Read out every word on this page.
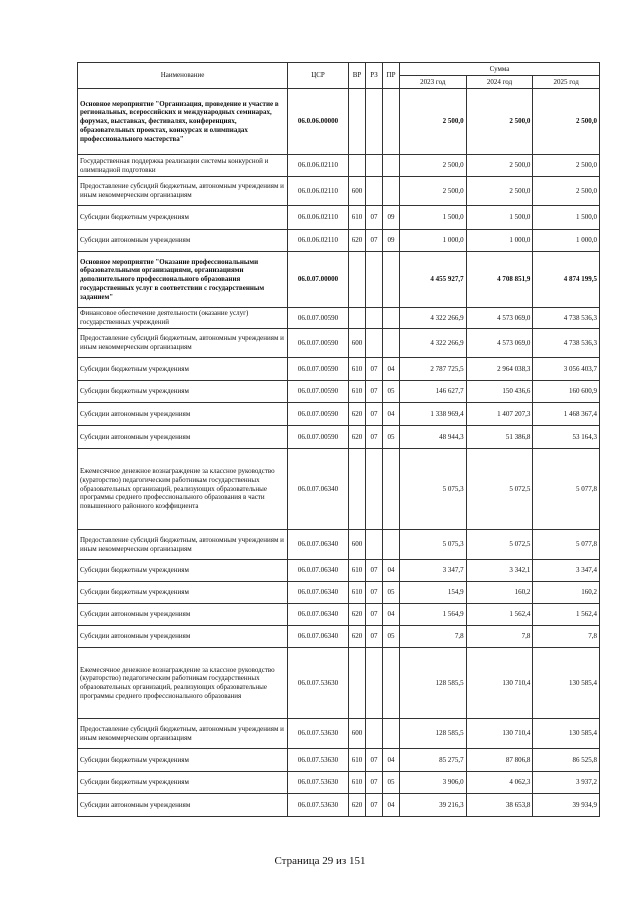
Наименование	ЦСР	ВР	РЗ	ПР	Сумма		
					2023 год	2024 год	2025 год
Основное мероприятие "Организация, проведение и участие в региональных, всероссийских и международных семинарах, форумах, выставках, фестивалях, конференциях, образовательных проектах, конкурсах и олимпиадах профессионального мастерства"	06.0.06.00000				2 500,0	2 500,0	2 500,0
Государственная поддержка реализации системы конкурсной и олимпиадной подготовки	06.0.06.02110				2 500,0	2 500,0	2 500,0
Предоставление субсидий бюджетным, автономным учреждениям и иным некоммерческим организациям	06.0.06.02110	600			2 500,0	2 500,0	2 500,0
Субсидии бюджетным учреждениям	06.0.06.02110	610	07	09	1 500,0	1 500,0	1 500,0
Субсидии автономным учреждениям	06.0.06.02110	620	07	09	1 000,0	1 000,0	1 000,0
Основное мероприятие "Оказание профессиональными образовательными организациями, организациями дополнительного профессионального образования государственных услуг в соответствии с государственным заданием"	06.0.07.00000				4 455 927,7	4 708 851,9	4 874 199,5
Финансовое обеспечение деятельности (оказание услуг) государственных учреждений	06.0.07.00590				4 322 266,9	4 573 069,0	4 738 536,3
Предоставление субсидий бюджетным, автономным учреждениям и иным некоммерческим организациям	06.0.07.00590	600			4 322 266,9	4 573 069,0	4 738 536,3
Субсидии бюджетным учреждениям	06.0.07.00590	610	07	04	2 787 725,5	2 964 038,3	3 056 403,7
Субсидии бюджетным учреждениям	06.0.07.00590	610	07	05	146 627,7	150 436,6	160 600,9
Субсидии автономным учреждениям	06.0.07.00590	620	07	04	1 338 969,4	1 407 207,3	1 468 367,4
Субсидии автономным учреждениям	06.0.07.00590	620	07	05	48 944,3	51 386,8	53 164,3
Ежемесячное денежное вознаграждение за классное руководство (кураторство) педагогическим работникам государственных образовательных организаций, реализующих образовательные программы среднего профессионального образования в части повышенного районного коэффициента	06.0.07.06340				5 075,3	5 072,5	5 077,8
Предоставление субсидий бюджетным, автономным учреждениям и иным некоммерческим организациям	06.0.07.06340	600			5 075,3	5 072,5	5 077,8
Субсидии бюджетным учреждениям	06.0.07.06340	610	07	04	3 347,7	3 342,1	3 347,4
Субсидии бюджетным учреждениям	06.0.07.06340	610	07	05	154,9	160,2	160,2
Субсидии автономным учреждениям	06.0.07.06340	620	07	04	1 564,9	1 562,4	1 562,4
Субсидии автономным учреждениям	06.0.07.06340	620	07	05	7,8	7,8	7,8
Ежемесячное денежное вознаграждение за классное руководство (кураторство) педагогическим работникам государственных образовательных организаций, реализующих образовательные программы среднего профессионального образования	06.0.07.53630				128 585,5	130 710,4	130 585,4
Предоставление субсидий бюджетным, автономным учреждениям и иным некоммерческим организациям	06.0.07.53630	600			128 585,5	130 710,4	130 585,4
Субсидии бюджетным учреждениям	06.0.07.53630	610	07	04	85 275,7	87 806,8	86 525,8
Субсидии бюджетным учреждениям	06.0.07.53630	610	07	05	3 906,0	4 062,3	3 937,2
Субсидии автономным учреждениям	06.0.07.53630	620	07	04	39 216,3	38 653,8	39 934,9
Страница 29 из 151
